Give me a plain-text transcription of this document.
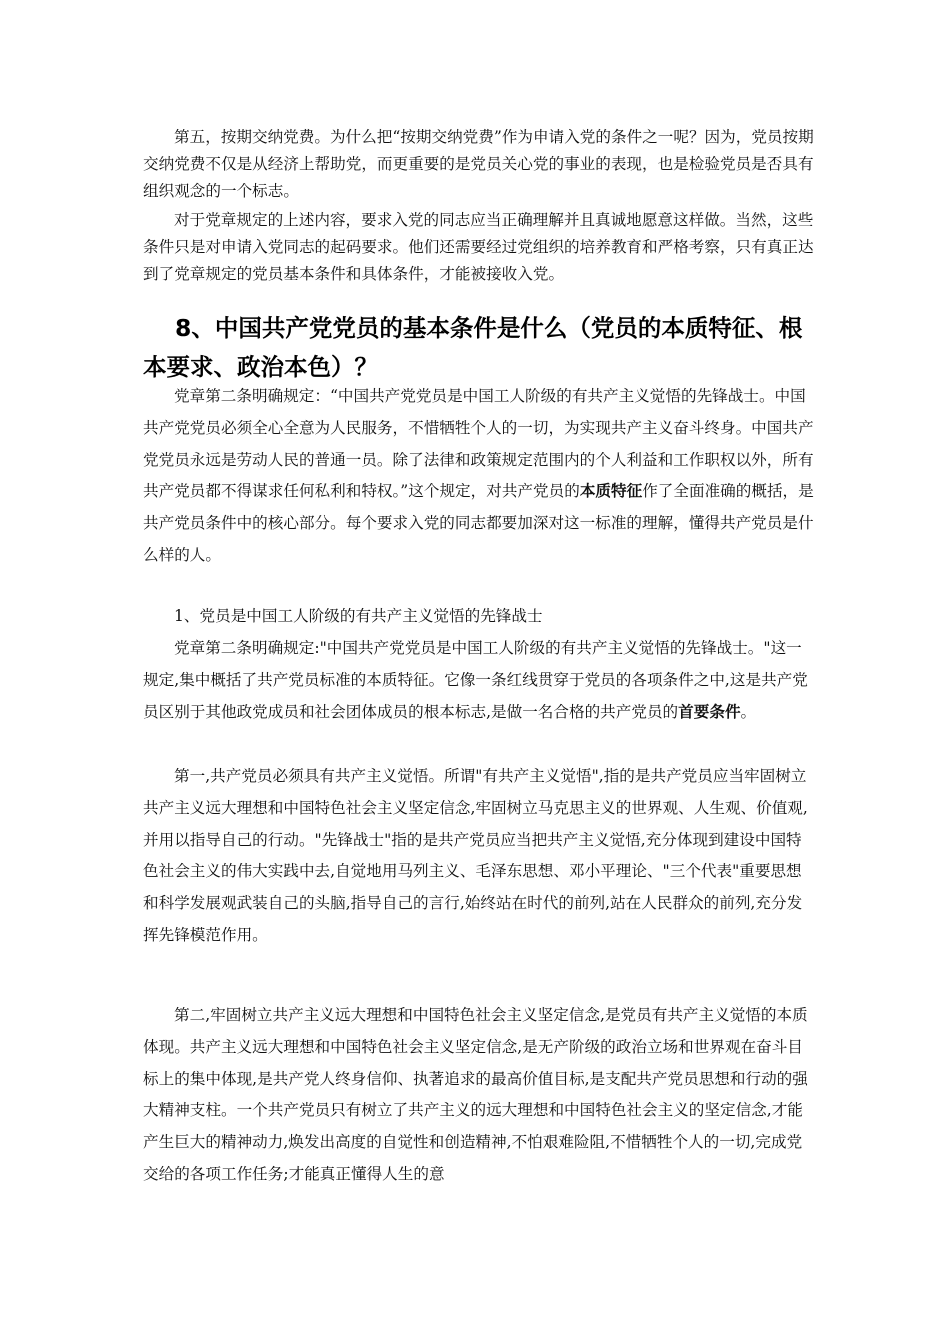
第五，按期交纳党费。为什么把“按期交纳党费”作为申请入党的条件之一呢？因为，党员按期交纳党费不仅是从经济上帮助党，而更重要的是党员关心党的事业的表现，也是检验党员是否具有组织观念的一个标志。

对于党章规定的上述内容，要求入党的同志应当正确理解并且真诚地愿意这样做。当然，这些条件只是对申请入党同志的起码要求。他们还需要经过党组织的培养教育和严格考察，只有真正达到了党章规定的党员基本条件和具体条件，才能被接收入党。

8、中国共产党党员的基本条件是什么（党员的本质特征、根本要求、政治本色）？

党章第二条明确规定：“中国共产党党员是中国工人阶级的有共产主义觉悟的先锋战士。中国共产党党员必须全心全意为人民服务，不惜牺牲个人的一切，为实现共产主义奋斗终身。中国共产党党员永远是劳动人民的普通一员。除了法律和政策规定范围内的个人利益和工作职权以外，所有共产党员都不得谋求任何私利和特权。”这个规定，对共产党员的本质特征作了全面准确的概括，是共产党员条件中的核心部分。每个要求入党的同志都要加深对这一标准的理解，懂得共产党员是什么样的人。

1、党员是中国工人阶级的有共产主义觉悟的先锋战士

党章第二条明确规定:"中国共产党党员是中国工人阶级的有共产主义觉悟的先锋战士。"这一规定,集中概括了共产党员标准的本质特征。它像一条红线贯穿于党员的各项条件之中,这是共产党员区别于其他政党成员和社会团体成员的根本标志,是做一名合格的共产党员的首要条件。

第一,共产党员必须具有共产主义觉悟。所谓"有共产主义觉悟",指的是共产党员应当牢固树立共产主义远大理想和中国特色社会主义坚定信念,牢固树立马克思主义的世界观、人生观、价值观,并用以指导自己的行动。"先锋战士"指的是共产党员应当把共产主义觉悟,充分体现到建设中国特色社会主义的伟大实践中去,自觉地用马列主义、毛泽东思想、邓小平理论、"三个代表"重要思想和科学发展观武装自己的头脑,指导自己的言行,始终站在时代的前列,站在人民群众的前列,充分发挥先锋模范作用。

第二,牢固树立共产主义远大理想和中国特色社会主义坚定信念,是党员有共产主义觉悟的本质体现。共产主义远大理想和中国特色社会主义坚定信念,是无产阶级的政治立场和世界观在奋斗目标上的集中体现,是共产党人终身信仰、执著追求的最高价值目标,是支配共产党员思想和行动的强大精神支柱。一个共产党员只有树立了共产主义的远大理想和中国特色社会主义的坚定信念,才能产生巨大的精神动力,焕发出高度的自觉性和创造精神,不怕艰难险阻,不惜牺牲个人的一切,完成党交给的各项工作任务;才能真正懂得人生的意
